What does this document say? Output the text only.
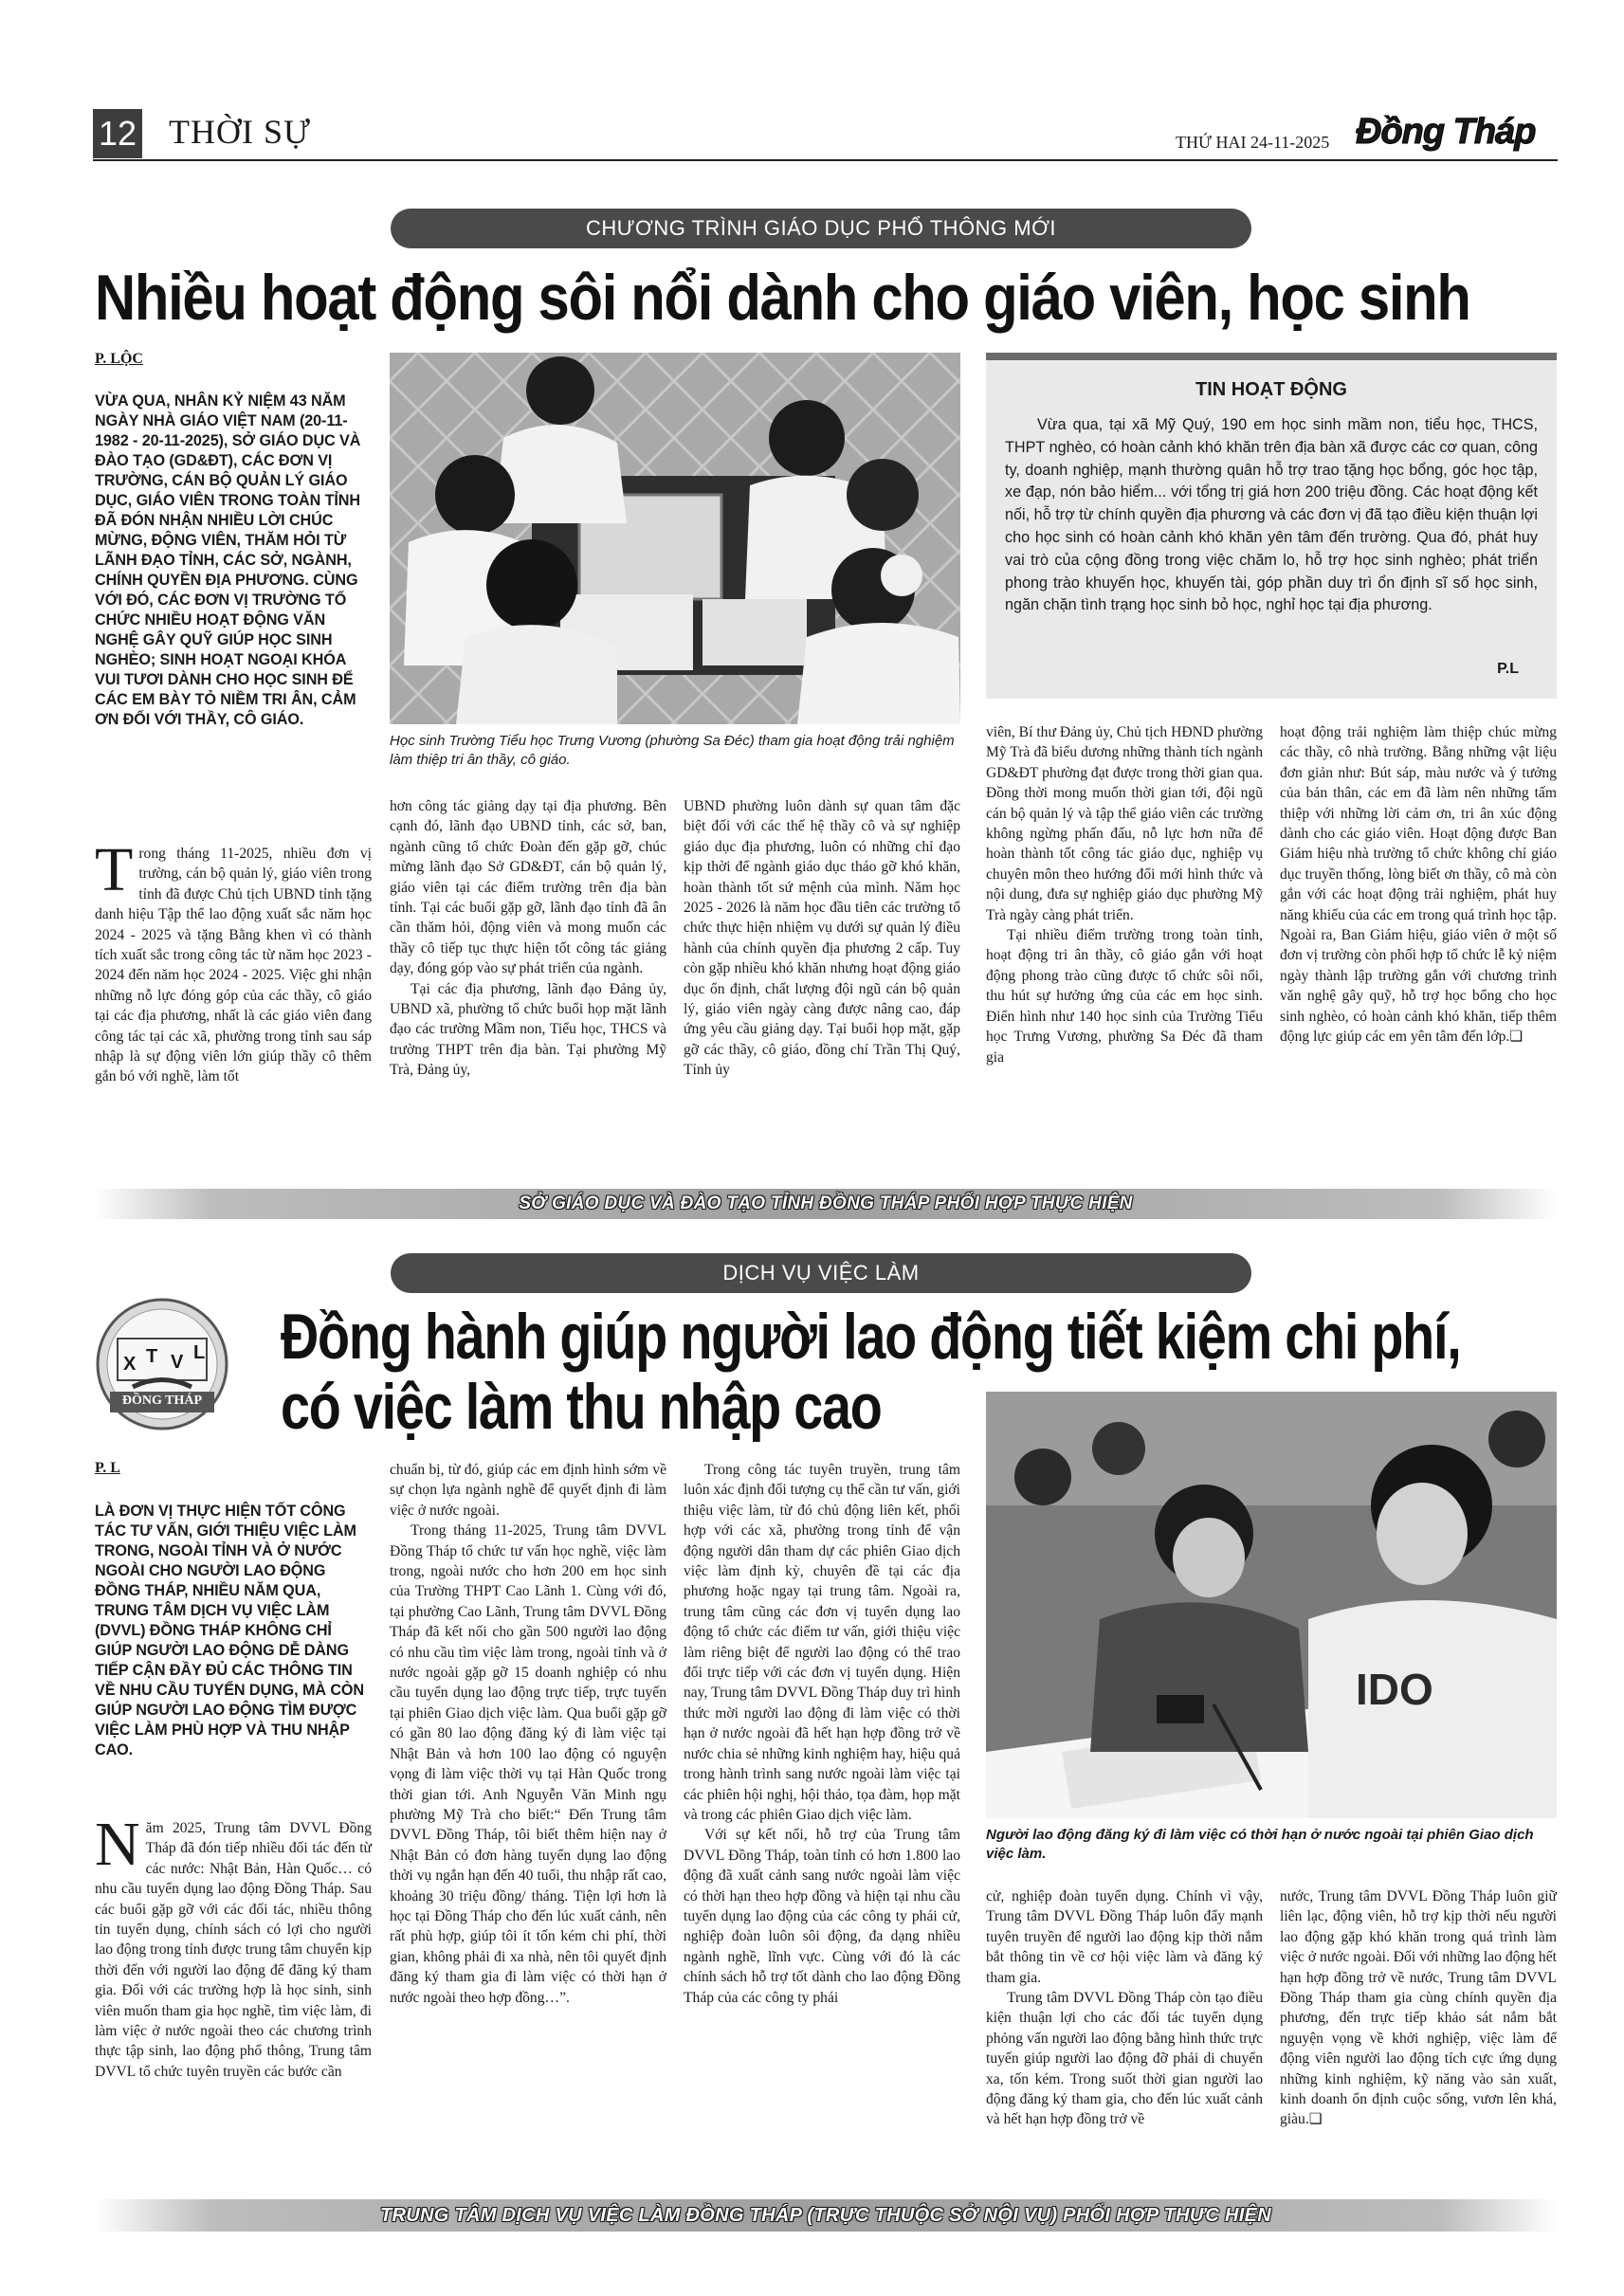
12 THỜI SỰ	THỨ HAI 24-11-2025 Đồng Tháp
CHƯƠNG TRÌNH GIÁO DỤC PHỔ THÔNG MỚI
Nhiều hoạt động sôi nổi dành cho giáo viên, học sinh
P. LỘC
VỪA QUA, NHÂN KỶ NIỆM 43 NĂM NGÀY NHÀ GIÁO VIỆT NAM (20-11-1982 - 20-11-2025), SỞ GIÁO DỤC VÀ ĐÀO TẠO (GD&ĐT), CÁC ĐƠN VỊ TRƯỜNG, CÁN BỘ QUẢN LÝ GIÁO DỤC, GIÁO VIÊN TRONG TOÀN TỈNH ĐÃ ĐÓN NHẬN NHIỀU LỜI CHÚC MỪNG, ĐỘNG VIÊN, THĂM HỎI TỪ LÃNH ĐẠO TỈNH, CÁC SỞ, NGÀNH, CHÍNH QUYỀN ĐỊA PHƯƠNG. CÙNG VỚI ĐÓ, CÁC ĐƠN VỊ TRƯỜNG TỔ CHỨC NHIỀU HOẠT ĐỘNG VĂN NGHỆ GÂY QUỸ GIÚP HỌC SINH NGHÈO; SINH HOẠT NGOẠI KHÓA VUI TƯƠI DÀNH CHO HỌC SINH ĐỂ CÁC EM BÀY TỎ NIỀM TRI ÂN, CẢM ƠN ĐỐI VỚI THẦY, CÔ GIÁO.
T rong tháng 11-2025, nhiều đơn vị trường, cán bộ quản lý, giáo viên trong tỉnh đã được Chủ tịch UBND tỉnh tặng danh hiệu Tập thể lao động xuất sắc năm học 2024 - 2025 và tặng Bằng khen vì có thành tích xuất sắc trong công tác từ năm học 2023 - 2024 đến năm học 2024 - 2025. Việc ghi nhận những nỗ lực đóng góp của các thầy, cô giáo tại các địa phương, nhất là các giáo viên đang công tác tại các xã, phường trong tỉnh sau sáp nhập là sự động viên lớn giúp thầy cô thêm gắn bó với nghề, làm tốt
Học sinh Trường Tiểu học Trưng Vương (phường Sa Đéc) tham gia hoạt động trải nghiệm làm thiệp tri ân thầy, cô giáo.

hơn công tác giảng dạy tại địa phương. Bên cạnh đó, lãnh đạo UBND tỉnh, các sở, ban, ngành cũng tổ chức Đoàn đến gặp gỡ, chúc mừng lãnh đạo Sở GD&ĐT, cán bộ quản lý, giáo viên tại các điểm trường trên địa bàn tỉnh. Tại các buổi gặp gỡ, lãnh đạo tỉnh đã ân cần thăm hỏi, động viên và mong muốn các thầy cô tiếp tục thực hiện tốt công tác giảng dạy, đóng góp vào sự phát triển của ngành.

Tại các địa phương, lãnh đạo Đảng ủy, UBND xã, phường tổ chức buổi họp mặt lãnh đạo các trường Mầm non, Tiểu học, THCS và trường THPT trên địa bàn. Tại phường Mỹ Trà, Đảng ủy,

UBND phường luôn dành sự quan tâm đặc biệt đối với các thế hệ thầy cô và sự nghiệp giáo dục địa phương, luôn có những chỉ đạo kịp thời để ngành giáo dục tháo gỡ khó khăn, hoàn thành tốt sứ mệnh của mình. Năm học 2025 - 2026 là năm học đầu tiên các trường tổ chức thực hiện nhiệm vụ dưới sự quản lý điều hành của chính quyền địa phương 2 cấp. Tuy còn gặp nhiều khó khăn nhưng hoạt động giáo dục ổn định, chất lượng đội ngũ cán bộ quản lý, giáo viên ngày càng được nâng cao, đáp ứng yêu cầu giảng dạy. Tại buổi họp mặt, gặp gỡ các thầy, cô giáo, đồng chí Trần Thị Quý, Tỉnh ủy

TIN HOẠT ĐỘNG
Vừa qua, tại xã Mỹ Quý, 190 em học sinh mầm non, tiểu học, THCS, THPT nghèo, có hoàn cảnh khó khăn trên địa bàn xã được các cơ quan, công ty, doanh nghiệp, mạnh thường quân hỗ trợ trao tặng học bổng, góc học tập, xe đạp, nón bảo hiểm... với tổng trị giá hơn 200 triệu đồng. Các hoạt động kết nối, hỗ trợ từ chính quyền địa phương và các đơn vị đã tạo điều kiện thuận lợi cho học sinh có hoàn cảnh khó khăn yên tâm đến trường. Qua đó, phát huy vai trò của cộng đồng trong việc chăm lo, hỗ trợ học sinh nghèo; phát triển phong trào khuyến học, khuyến tài, góp phần duy trì ổn định sĩ số học sinh, ngăn chặn tình trạng học sinh bỏ học, nghỉ học tại địa phương.
P.L

viên, Bí thư Đảng ủy, Chủ tịch HĐND phường Mỹ Trà đã biểu dương những thành tích ngành GD&ĐT phường đạt được trong thời gian qua. Đồng thời mong muốn thời gian tới, đội ngũ cán bộ quản lý và tập thể giáo viên các trường không ngừng phấn đấu, nỗ lực hơn nữa để hoàn thành tốt công tác giáo dục, nghiệp vụ chuyên môn theo hướng đổi mới hình thức và nội dung, đưa sự nghiệp giáo dục phường Mỹ Trà ngày càng phát triển.

Tại nhiều điểm trường trong toàn tỉnh, hoạt động tri ân thầy, cô giáo gắn với hoạt động phong trào cũng được tổ chức sôi nổi, thu hút sự hưởng ứng của các em học sinh. Điển hình như 140 học sinh của Trường Tiểu học Trưng Vương, phường Sa Đéc đã tham gia

hoạt động trải nghiệm làm thiệp chúc mừng các thầy, cô nhà trường. Bằng những vật liệu đơn giản như: Bút sáp, màu nước và ý tưởng của bản thân, các em đã làm nên những tấm thiệp với những lời cảm ơn, tri ân xúc động dành cho các giáo viên. Hoạt động được Ban Giám hiệu nhà trường tổ chức không chỉ giáo dục truyền thống, lòng biết ơn thầy, cô mà còn gắn với các hoạt động trải nghiệm, phát huy năng khiếu của các em trong quá trình học tập. Ngoài ra, Ban Giám hiệu, giáo viên ở một số đơn vị trường còn phối hợp tổ chức lễ kỷ niệm ngày thành lập trường gắn với chương trình văn nghệ gây quỹ, hỗ trợ học bổng cho học sinh nghèo, có hoàn cảnh khó khăn, tiếp thêm động lực giúp các em yên tâm đến lớp.❏

SỞ GIÁO DỤC VÀ ĐÀO TẠO TỈNH ĐỒNG THÁP PHỐI HỢP THỰC HIỆN
DỊCH VỤ VIỆC LÀM
X T V L
ĐỒNG THÁP
Đồng hành giúp người lao động tiết kiệm chi phí,
có việc làm thu nhập cao
P. L
LÀ ĐƠN VỊ THỰC HIỆN TỐT CÔNG TÁC TƯ VẤN, GIỚI THIỆU VIỆC LÀM TRONG, NGOÀI TỈNH VÀ Ở NƯỚC NGOÀI CHO NGƯỜI LAO ĐỘNG ĐỒNG THÁP, NHIỀU NĂM QUA, TRUNG TÂM DỊCH VỤ VIỆC LÀM (DVVL) ĐỒNG THÁP KHÔNG CHỈ GIÚP NGƯỜI LAO ĐỘNG DỄ DÀNG TIẾP CẬN ĐẦY ĐỦ CÁC THÔNG TIN VỀ NHU CẦU TUYỂN DỤNG, MÀ CÒN GIÚP NGƯỜI LAO ĐỘNG TÌM ĐƯỢC VIỆC LÀM PHÙ HỢP VÀ THU NHẬP CAO.
N ăm 2025, Trung tâm DVVL Đồng Tháp đã đón tiếp nhiều đối tác đến từ các nước: Nhật Bản, Hàn Quốc… có nhu cầu tuyển dụng lao động Đồng Tháp. Sau các buổi gặp gỡ với các đối tác, nhiều thông tin tuyển dụng, chính sách có lợi cho người lao động trong tỉnh được trung tâm chuyển kịp thời đến với người lao động để đăng ký tham gia. Đối với các trường hợp là học sinh, sinh viên muốn tham gia học nghề, tìm việc làm, đi làm việc ở nước ngoài theo các chương trình thực tập sinh, lao động phổ thông, Trung tâm DVVL tổ chức tuyên truyền các bước cần

chuẩn bị, từ đó, giúp các em định hình sớm về sự chọn lựa ngành nghề để quyết định đi làm việc ở nước ngoài.

Trong tháng 11-2025, Trung tâm DVVL Đồng Tháp tổ chức tư vấn học nghề, việc làm trong, ngoài nước cho hơn 200 em học sinh của Trường THPT Cao Lãnh 1. Cùng với đó, tại phường Cao Lãnh, Trung tâm DVVL Đồng Tháp đã kết nối cho gần 500 người lao động có nhu cầu tìm việc làm trong, ngoài tỉnh và ở nước ngoài gặp gỡ 15 doanh nghiệp có nhu cầu tuyển dụng lao động trực tiếp, trực tuyến tại phiên Giao dịch việc làm. Qua buổi gặp gỡ có gần 80 lao động đăng ký đi làm việc tại Nhật Bản và hơn 100 lao động có nguyện vọng đi làm việc thời vụ tại Hàn Quốc trong thời gian tới. Anh Nguyễn Văn Minh ngụ phường Mỹ Trà cho biết:“ Đến Trung tâm DVVL Đồng Tháp, tôi biết thêm hiện nay ở Nhật Bản có đơn hàng tuyển dụng lao động thời vụ ngắn hạn đến 40 tuổi, thu nhập rất cao, khoảng 30 triệu đồng/ tháng. Tiện lợi hơn là học tại Đồng Tháp cho đến lúc xuất cảnh, nên rất phù hợp, giúp tôi ít tốn kém chi phí, thời gian, không phải đi xa nhà, nên tôi quyết định đăng ký tham gia đi làm việc có thời hạn ở nước ngoài theo hợp đồng…”.

Trong công tác tuyên truyền, trung tâm luôn xác định đối tượng cụ thể cần tư vấn, giới thiệu việc làm, từ đó chủ động liên kết, phối hợp với các xã, phường trong tỉnh để vận động người dân tham dự các phiên Giao dịch việc làm định kỳ, chuyên đề tại các địa phương hoặc ngay tại trung tâm. Ngoài ra, trung tâm cũng các đơn vị tuyển dụng lao động tổ chức các điểm tư vấn, giới thiệu việc làm riêng biệt để người lao động có thể trao đổi trực tiếp với các đơn vị tuyển dụng. Hiện nay, Trung tâm DVVL Đồng Tháp duy trì hình thức mời người lao động đi làm việc có thời hạn ở nước ngoài đã hết hạn hợp đồng trở về nước chia sẻ những kinh nghiệm hay, hiệu quả trong hành trình sang nước ngoài làm việc tại các phiên hội nghị, hội thảo, tọa đàm, họp mặt và trong các phiên Giao dịch việc làm.

Với sự kết nối, hỗ trợ của Trung tâm DVVL Đồng Tháp, toàn tỉnh có hơn 1.800 lao động đã xuất cảnh sang nước ngoài làm việc có thời hạn theo hợp đồng và hiện tại nhu cầu tuyển dụng lao động của các công ty phái cử, nghiệp đoàn luôn sôi động, đa dạng nhiều ngành nghề, lĩnh vực. Cùng với đó là các chính sách hỗ trợ tốt dành cho lao động Đồng Tháp của các công ty phái

IDO
Người lao động đăng ký đi làm việc có thời hạn ở nước ngoài tại phiên Giao dịch việc làm.

cử, nghiệp đoàn tuyển dụng. Chính vì vậy, Trung tâm DVVL Đồng Tháp luôn đẩy mạnh tuyên truyền để người lao động kịp thời nắm bắt thông tin về cơ hội việc làm và đăng ký tham gia.

Trung tâm DVVL Đồng Tháp còn tạo điều kiện thuận lợi cho các đối tác tuyển dụng phỏng vấn người lao động bằng hình thức trực tuyến giúp người lao động đỡ phải di chuyển xa, tốn kém. Trong suốt thời gian người lao động đăng ký tham gia, cho đến lúc xuất cảnh và hết hạn hợp đồng trở về

nước, Trung tâm DVVL Đồng Tháp luôn giữ liên lạc, động viên, hỗ trợ kịp thời nếu người lao động gặp khó khăn trong quá trình làm việc ở nước ngoài. Đối với những lao động hết hạn hợp đồng trở về nước, Trung tâm DVVL Đồng Tháp tham gia cùng chính quyền địa phương, đến trực tiếp khảo sát nắm bắt nguyện vọng về khởi nghiệp, việc làm để động viên người lao động tích cực ứng dụng những kinh nghiệm, kỹ năng vào sản xuất, kinh doanh ổn định cuộc sống, vươn lên khá, giàu.❏

TRUNG TÂM DỊCH VỤ VIỆC LÀM ĐỒNG THÁP (TRỰC THUỘC SỞ NỘI VỤ) PHỐI HỢP THỰC HIỆN
